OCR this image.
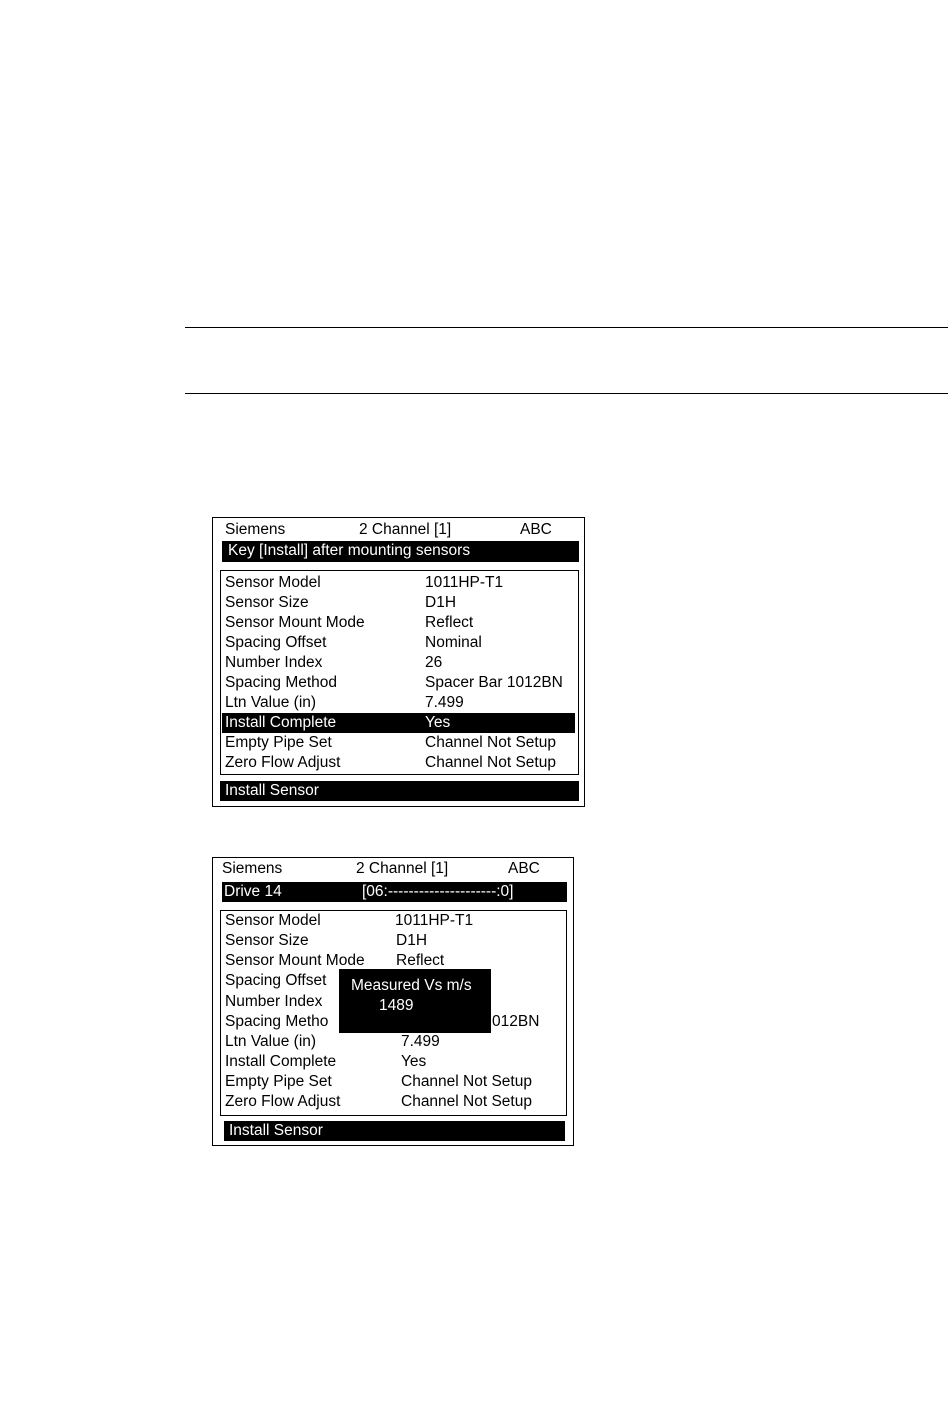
Siemens	2 Channel [1]	ABC
Key [Install] after mounting sensors
Sensor Model	1011HP-T1
Sensor Size	D1H
Sensor Mount Mode	Reflect
Spacing Offset	Nominal
Number Index	26
Spacing Method	Spacer Bar 1012BN
Ltn Value (in)	7.499
Install Complete	Yes
Empty Pipe Set	Channel Not Setup
Zero Flow Adjust	Channel Not Setup
Install Sensor
Siemens	2 Channel [1]	ABC
Drive 14	[06:---------------------:0]
Sensor Model	1011HP-T1
Sensor Size	D1H
Sensor Mount Mode Reflect
Spacing Offset
Number Index
Spacing Metho	012BN
Ltn Value (in)	7.499
Install Complete	Yes
Empty Pipe Set	Channel Not Setup
Zero Flow Adjust	Channel Not Setup
Measured Vs m/s
1489
Install Sensor
